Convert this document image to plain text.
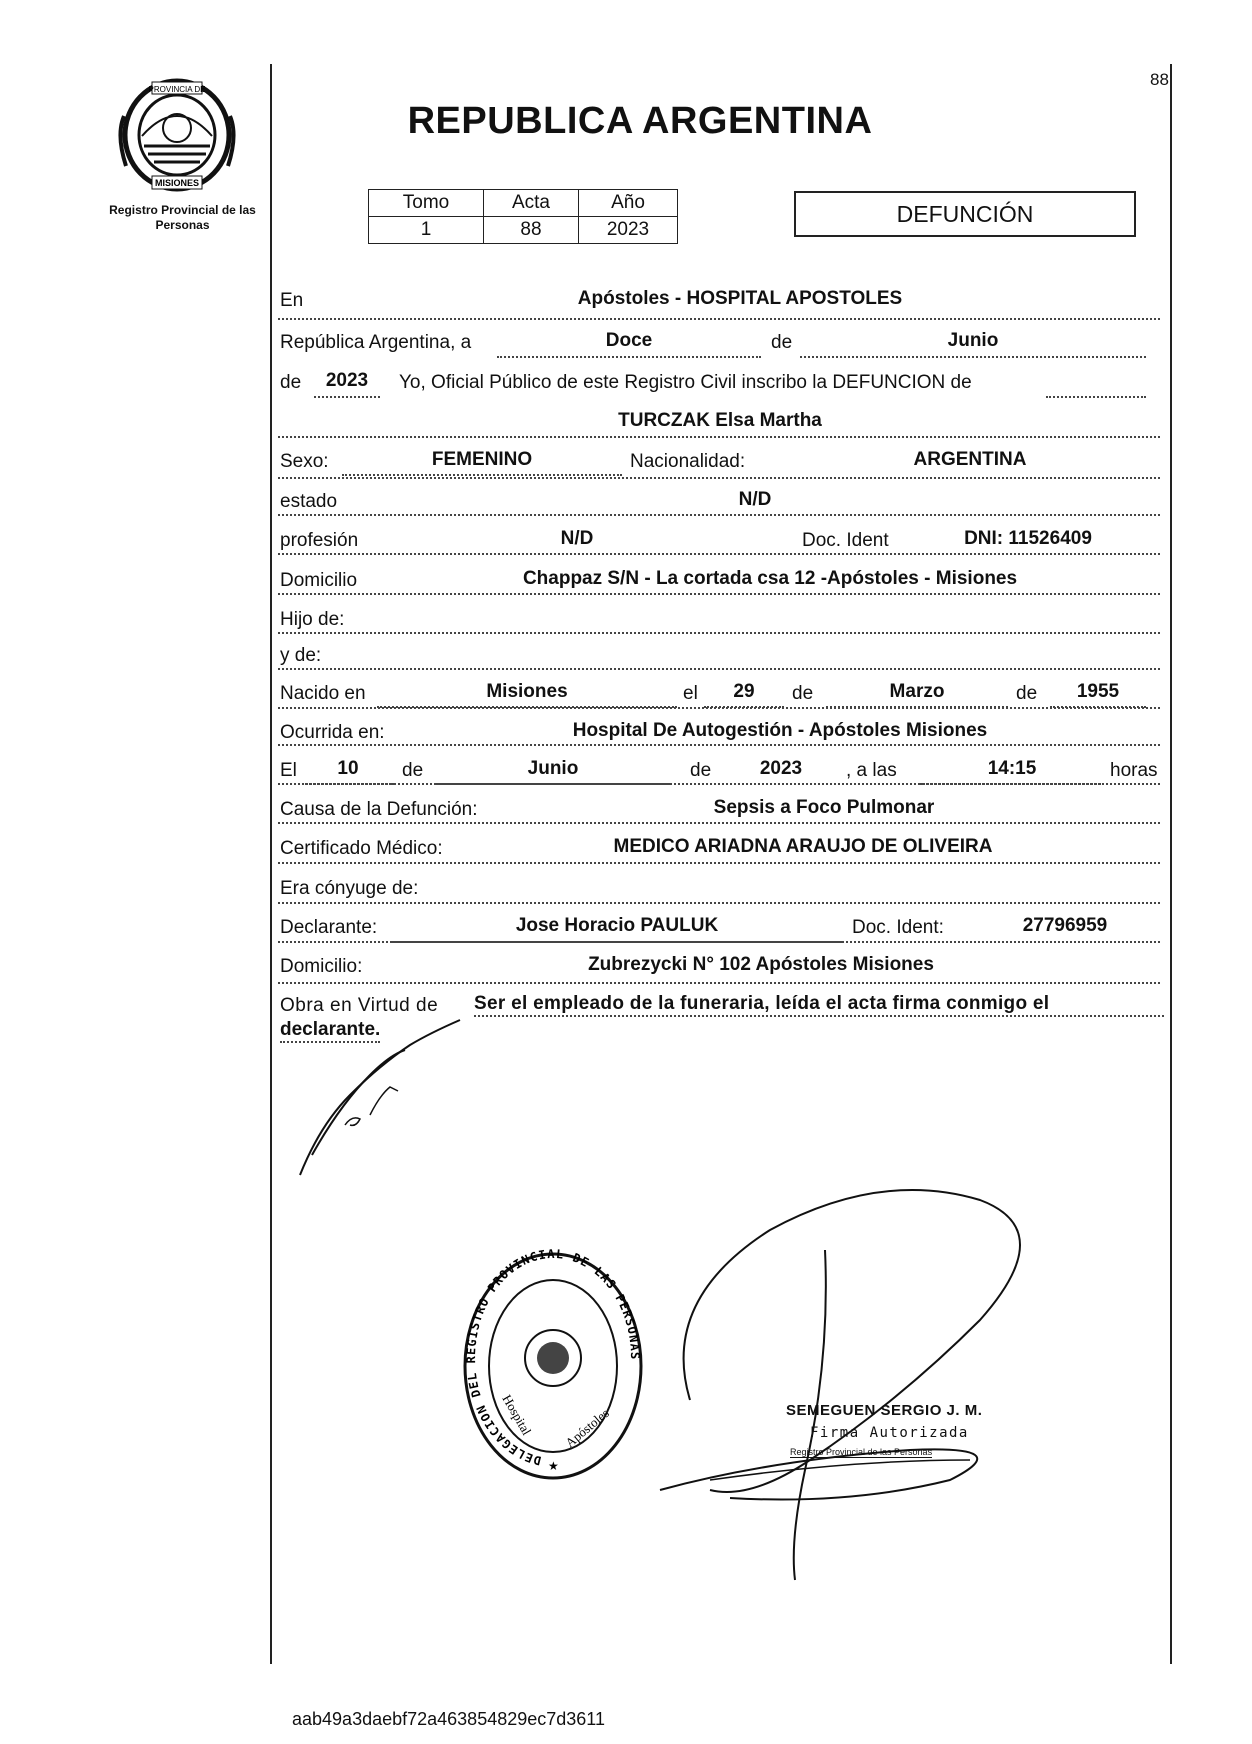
PROVINCIA DE
MISIONES
Registro Provincial de las Personas
88
REPUBLICA ARGENTINA
Tomo	Acta	Año
1	88	2023
DEFUNCIÓN
En	Apóstoles - HOSPITAL APOSTOLES
República Argentina, a	Doce	de	Junio
de	2023	Yo, Oficial Público de este Registro Civil inscribo la DEFUNCION de
TURCZAK Elsa Martha
Sexo:	FEMENINO	Nacionalidad:	ARGENTINA
estado	N/D
profesión	N/D	Doc. Ident	DNI: 11526409
Domicilio	Chappaz S/N - La cortada csa 12 -Apóstoles - Misiones
Hijo de:
y de:
Nacido en	Misiones	el	29	de	Marzo	de	1955
Ocurrida en:	Hospital De Autogestión - Apóstoles Misiones
El	10	de	Junio	de	2023	, a las	14:15	horas
Causa de la Defunción:	Sepsis a Foco Pulmonar
Certificado Médico:	MEDICO ARIADNA ARAUJO DE OLIVEIRA
Era cónyuge de:
Declarante:	Jose Horacio PAULUK	Doc. Ident:	27796959
Domicilio:	Zubrezycki N° 102 Apóstoles Misiones
Obra en Virtud de Ser el empleado de la funeraria, leída el acta firma conmigo el
declarante.
DELEGACION DEL REGISTRO PROVINCIAL DE LAS PERSONAS
Hospital Apóstoles
★
SEMEGUEN SERGIO J. M.
Firma Autorizada
Registro Provincial de las Personas
aab49a3daebf72a463854829ec7d3611
